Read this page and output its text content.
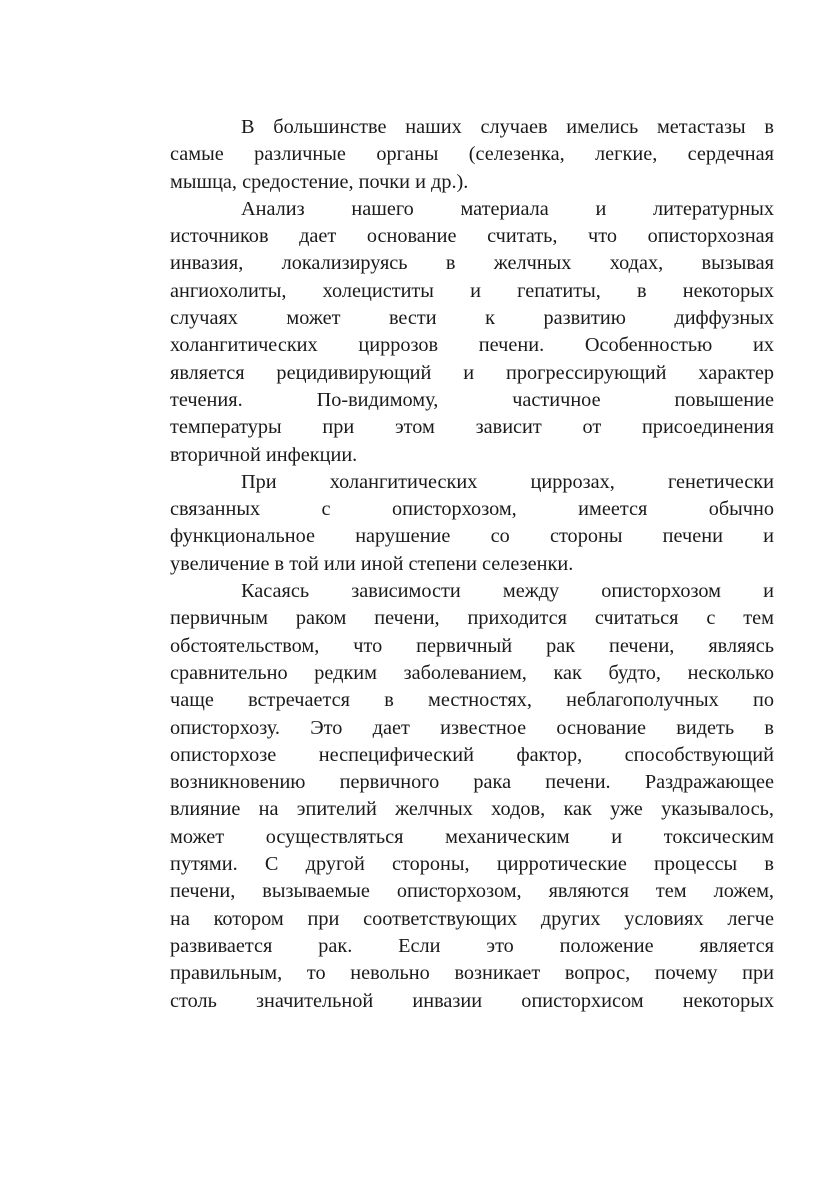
В большинстве наших случаев имелись метастазы в
самые различные органы (селезенка, легкие, сердечная
мышца, средостение, почки и др.).
Анализ нашего материала и литературных
источников дает основание считать, что описторхозная
инвазия, локализируясь в желчных ходах, вызывая
ангиохолиты, холециститы и гепатиты, в некоторых
случаях может вести к развитию диффузных
холангитических циррозов печени. Особенностью их
является рецидивирующий и прогрессирующий характер
течения. По-видимому, частичное повышение
температуры при этом зависит от присоединения
вторичной инфекции.
При холангитических циррозах, генетически
связанных с описторхозом, имеется обычно
функциональное нарушение со стороны печени и
увеличение в той или иной степени селезенки.
Касаясь зависимости между описторхозом и
первичным раком печени, приходится считаться с тем
обстоятельством, что первичный рак печени, являясь
сравнительно редким заболеванием, как будто, несколько
чаще встречается в местностях, неблагополучных по
описторхозу. Это дает известное основание видеть в
описторхозе неспецифический фактор, способствующий
возникновению первичного рака печени. Раздражающее
влияние на эпителий желчных ходов, как уже указывалось,
может осуществляться механическим и токсическим
путями. С другой стороны, цирротические процессы в
печени, вызываемые описторхозом, являются тем ложем,
на котором при соответствующих других условиях легче
развивается рак. Если это положение является
правильным, то невольно возникает вопрос, почему при
столь значительной инвазии описторхисом некоторых
